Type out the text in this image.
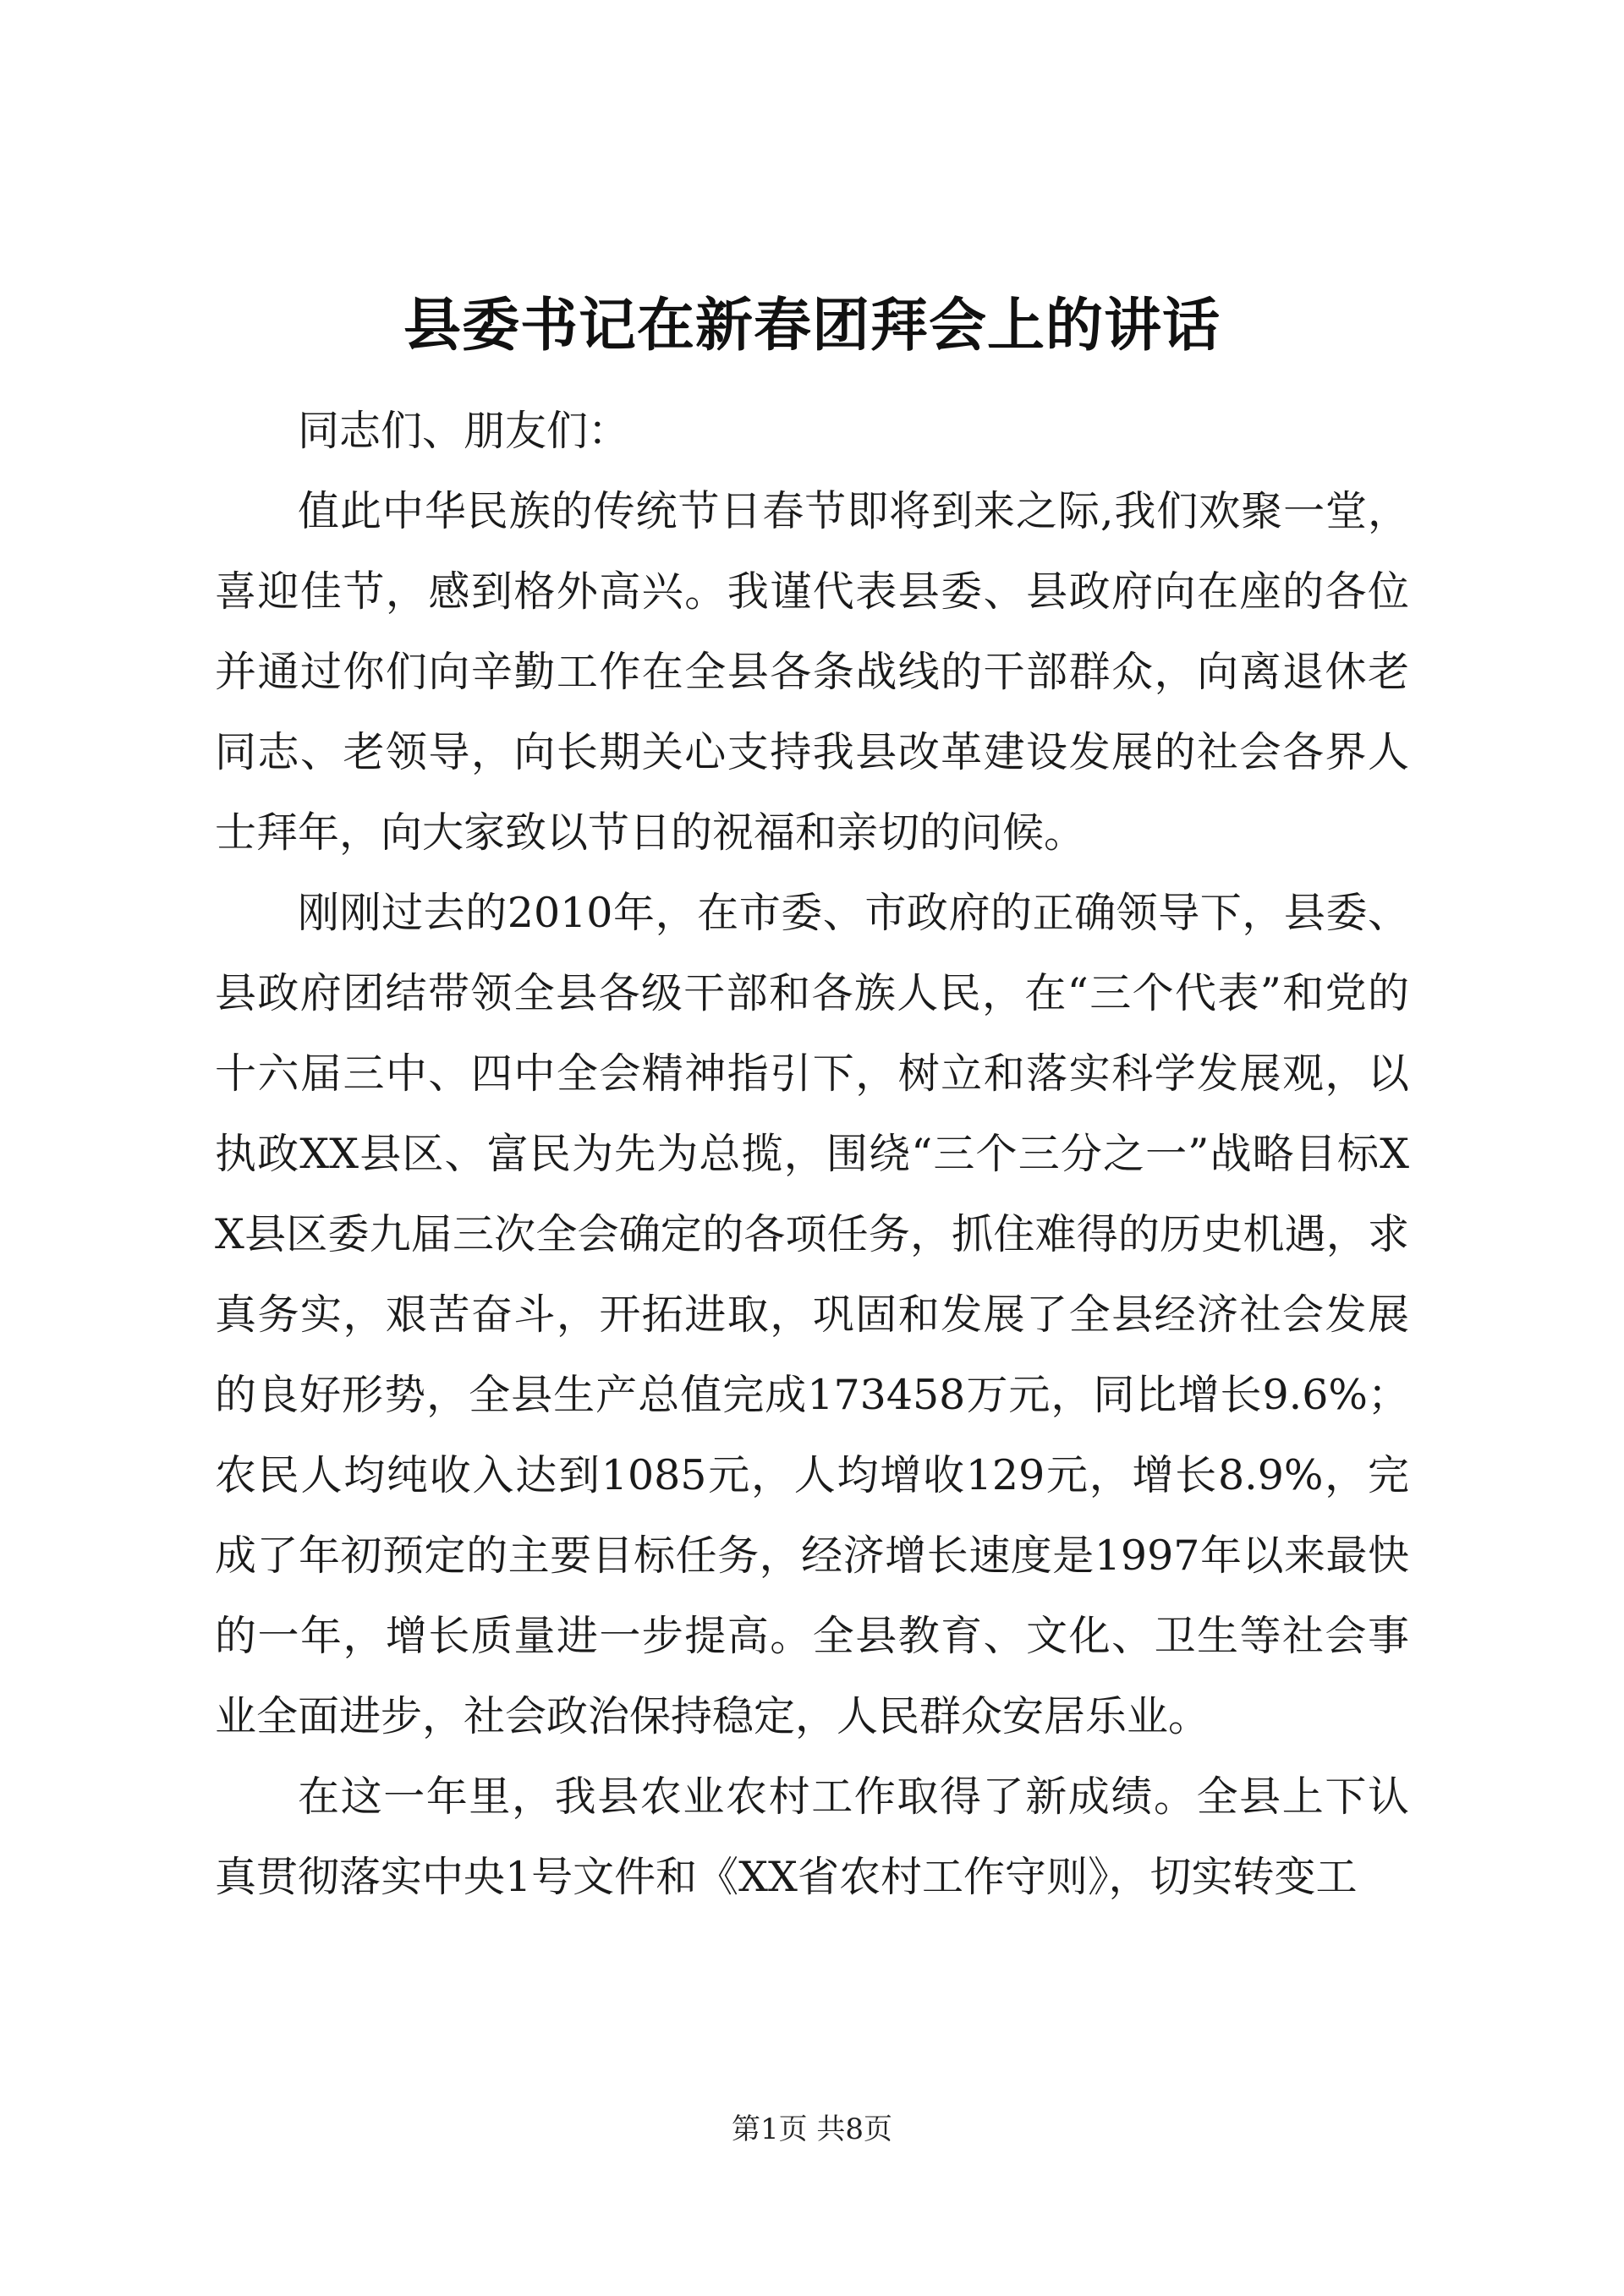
县委书记在新春团拜会上的讲话

同志们、朋友们：

值此中华民族的传统节日春节即将到来之际,我们欢聚一堂，喜迎佳节，感到格外高兴。我谨代表县委、县政府向在座的各位并通过你们向辛勤工作在全县各条战线的干部群众，向离退休老同志、老领导，向长期关心支持我县改革建设发展的社会各界人士拜年，向大家致以节日的祝福和亲切的问候。

刚刚过去的2010年，在市委、市政府的正确领导下，县委、县政府团结带领全县各级干部和各族人民，在“三个代表”和党的十六届三中、四中全会精神指引下，树立和落实科学发展观，以执政XX县区、富民为先为总揽，围绕“三个三分之一”战略目标XX县区委九届三次全会确定的各项任务，抓住难得的历史机遇，求真务实，艰苦奋斗，开拓进取，巩固和发展了全县经济社会发展的良好形势，全县生产总值完成173458万元，同比增长9.6%；农民人均纯收入达到1085元，人均增收129元，增长8.9%，完成了年初预定的主要目标任务，经济增长速度是1997年以来最快的一年，增长质量进一步提高。全县教育、文化、卫生等社会事业全面进步，社会政治保持稳定，人民群众安居乐业。

在这一年里，我县农业农村工作取得了新成绩。全县上下认真贯彻落实中央1号文件和《XX省农村工作守则》，切实转变工

第1页 共8页
